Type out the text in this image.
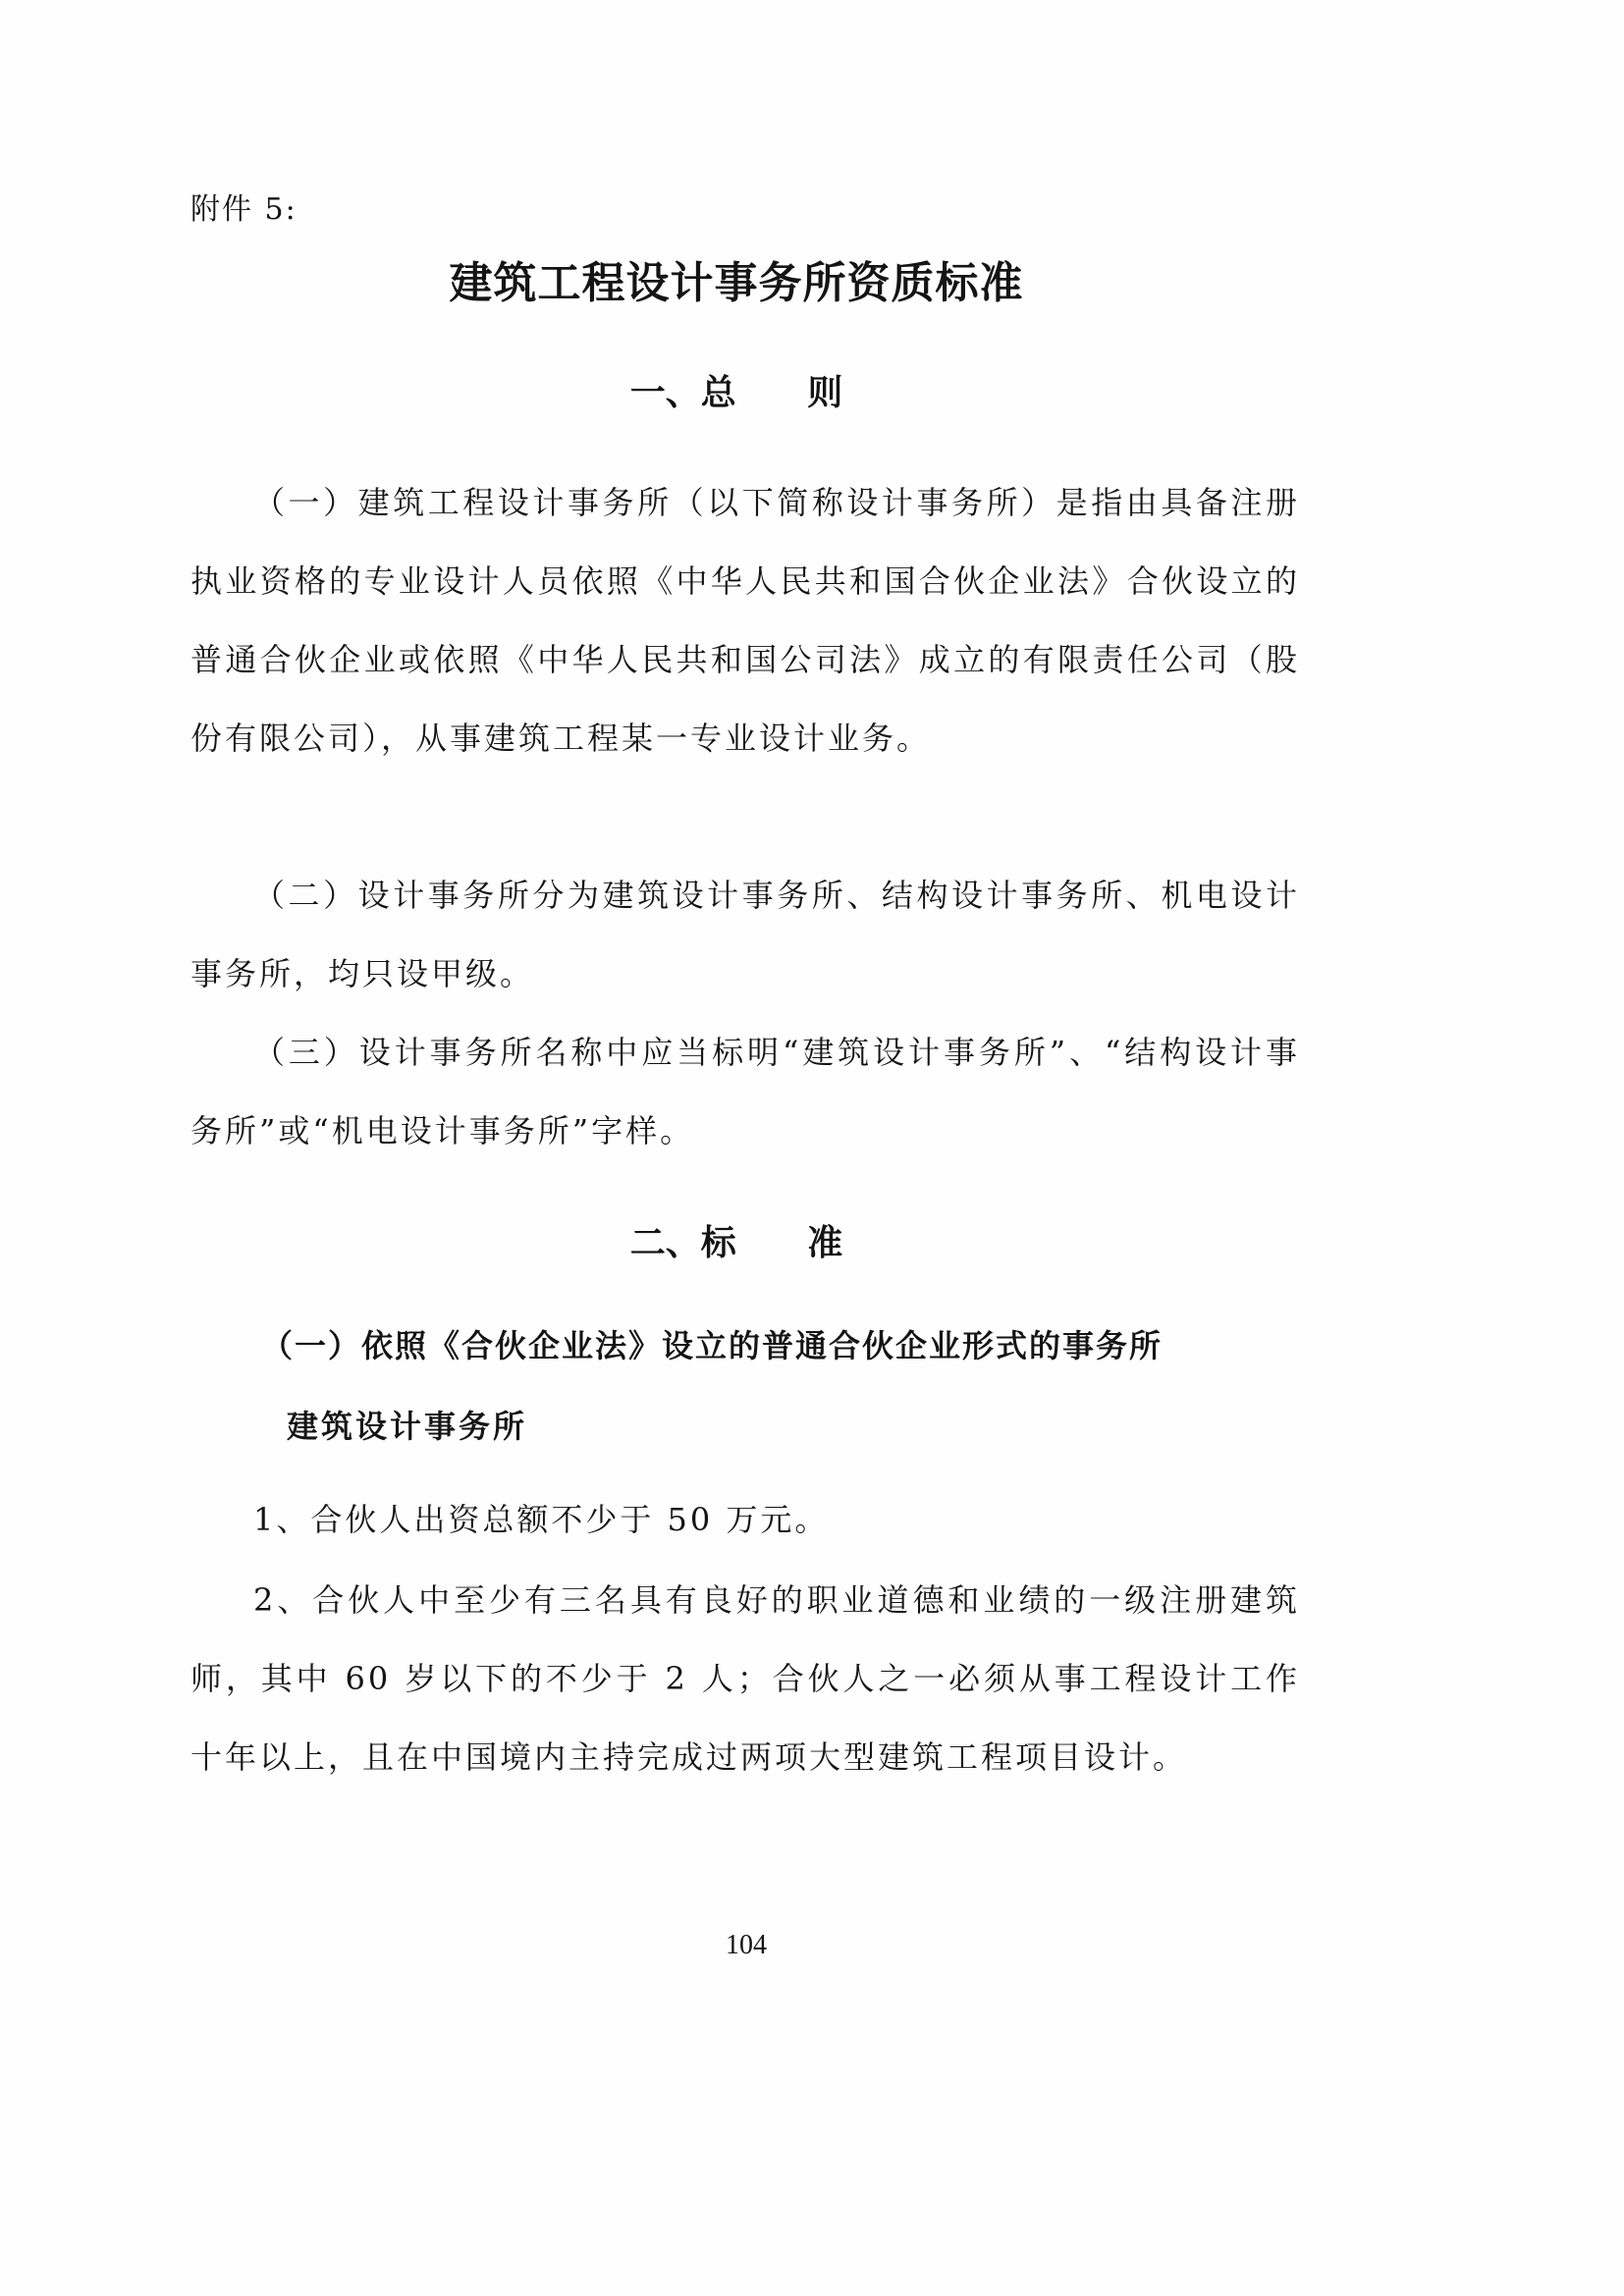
附件 5:
建筑工程设计事务所资质标准
一、总 则

（一）建筑工程设计事务所（以下简称设计事务所）是指由具备注册执业资格的专业设计人员依照《中华人民共和国合伙企业法》合伙设立的普通合伙企业或依照《中华人民共和国公司法》成立的有限责任公司（股份有限公司），从事建筑工程某一专业设计业务。

（二）设计事务所分为建筑设计事务所、结构设计事务所、机电设计事务所，均只设甲级。

（三）设计事务所名称中应当标明“建筑设计事务所”、“结构设计事务所”或“机电设计事务所”字样。

二、标 准

（一）依照《合伙企业法》设立的普通合伙企业形式的事务所

建筑设计事务所

1、合伙人出资总额不少于 50 万元。

2、合伙人中至少有三名具有良好的职业道德和业绩的一级注册建筑师，其中 60 岁以下的不少于 2 人；合伙人之一必须从事工程设计工作十年以上，且在中国境内主持完成过两项大型建筑工程项目设计。

104
